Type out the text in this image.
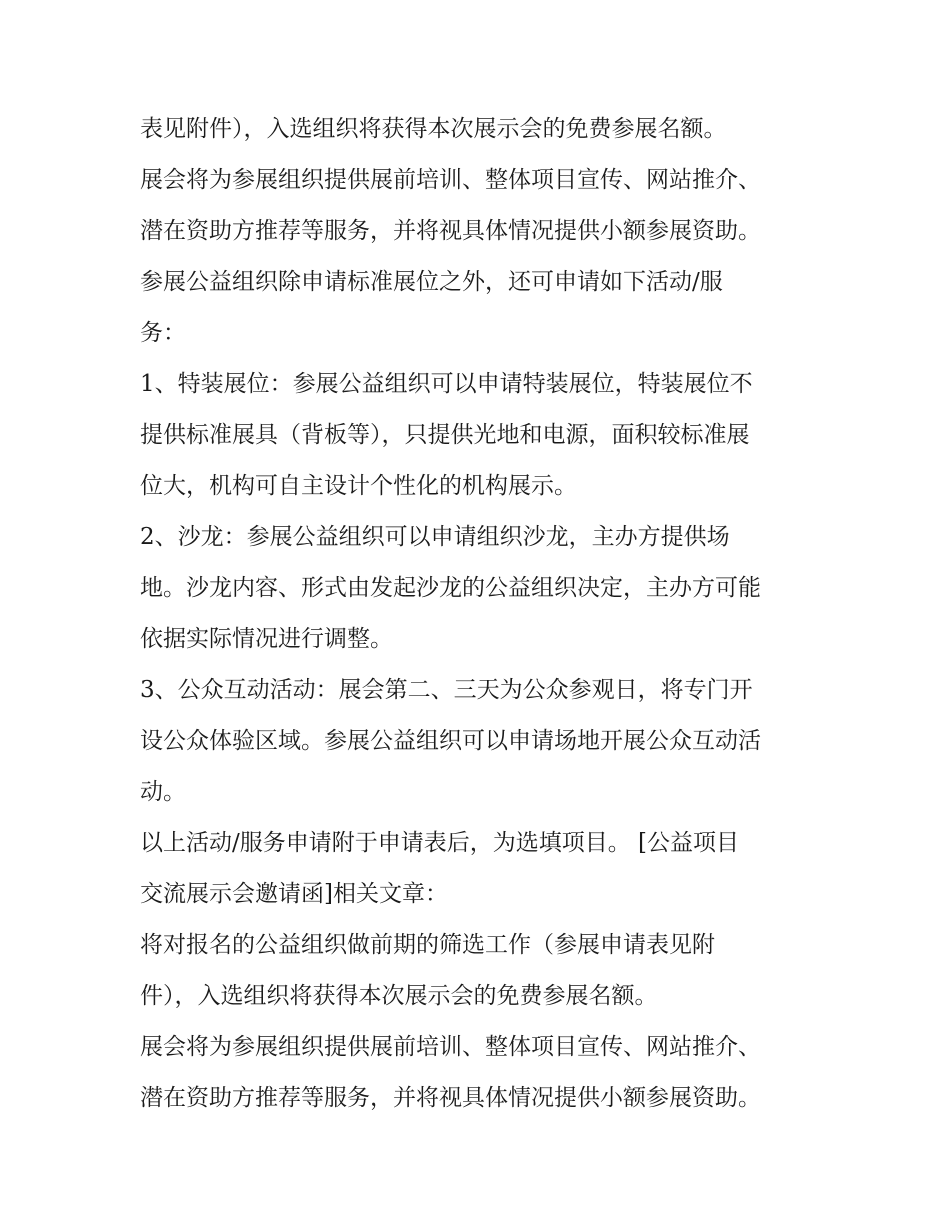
表见附件），入选组织将获得本次展示会的免费参展名额。
展会将为参展组织提供展前培训、整体项目宣传、网站推介、
潜在资助方推荐等服务，并将视具体情况提供小额参展资助。
参展公益组织除申请标准展位之外，还可申请如下活动/服
务：
1、特装展位：参展公益组织可以申请特装展位，特装展位不
提供标准展具（背板等），只提供光地和电源，面积较标准展
位大，机构可自主设计个性化的机构展示。
2、沙龙：参展公益组织可以申请组织沙龙，主办方提供场
地。沙龙内容、形式由发起沙龙的公益组织决定，主办方可能
依据实际情况进行调整。
3、公众互动活动：展会第二、三天为公众参观日，将专门开
设公众体验区域。参展公益组织可以申请场地开展公众互动活
动。
以上活动/服务申请附于申请表后，为选填项目。 [公益项目
交流展示会邀请函]相关文章：
将对报名的公益组织做前期的筛选工作（参展申请表见附
件），入选组织将获得本次展示会的免费参展名额。
展会将为参展组织提供展前培训、整体项目宣传、网站推介、
潜在资助方推荐等服务，并将视具体情况提供小额参展资助。
